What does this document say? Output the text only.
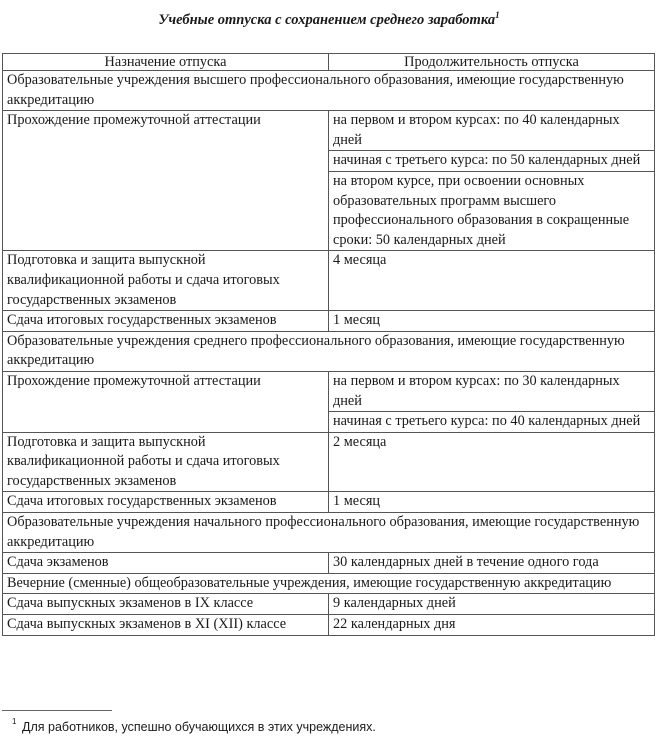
Учебные отпуска с сохранением среднего заработка$^1$
Назначение отпуска	Продолжительность отпуска
Образовательные учреждения высшего профессионального образования, имеющие государственную аккредитацию	
Прохождение промежуточной аттестации	на первом и втором курсах: по 40 календарных дней
	начиная с третьего курса: по 50 календарных дней
	на втором курсе, при освоении основных образовательных программ высшего профессионального образования в сокращенные сроки: 50 календарных дней
Подготовка и защита выпускной квалификационной работы и сдача итоговых государственных экзаменов	4 месяца
Сдача итоговых государственных экзаменов	1 месяц
Образовательные учреждения среднего профессионального образования, имеющие государственную аккредитацию	
Прохождение промежуточной аттестации	на первом и втором курсах: по 30 календарных дней
	начиная с третьего курса: по 40 календарных дней
Подготовка и защита выпускной квалификационной работы и сдача итоговых государственных экзаменов	2 месяца
Сдача итоговых государственных экзаменов	1 месяц
Образовательные учреждения начального профессионального образования, имеющие государственную аккредитацию	
Сдача экзаменов	30 календарных дней в течение одного года
Вечерние (сменные) общеобразовательные учреждения, имеющие государственную аккредитацию	
Сдача выпускных экзаменов в IX классе	9 календарных дней
Сдача выпускных экзаменов в XI (XII) классе	22 календарных дня
1 Для работников, успешно обучающихся в этих учреждениях.
